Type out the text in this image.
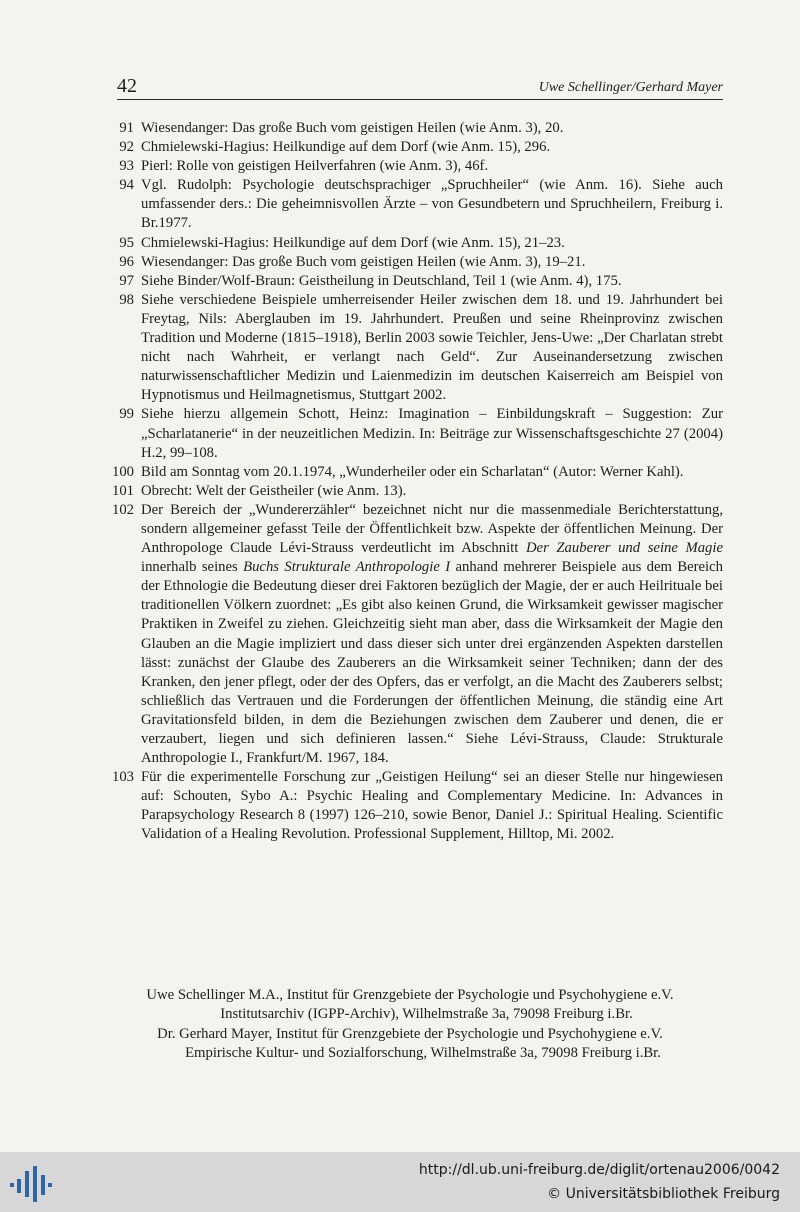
42	Uwe Schellinger/Gerhard Mayer
91 Wiesendanger: Das große Buch vom geistigen Heilen (wie Anm. 3), 20.
92 Chmielewski-Hagius: Heilkundige auf dem Dorf (wie Anm. 15), 296.
93 Pierl: Rolle von geistigen Heilverfahren (wie Anm. 3), 46f.
94 Vgl. Rudolph: Psychologie deutschsprachiger „Spruchheiler“ (wie Anm. 16). Siehe auch umfassender ders.: Die geheimnisvollen Ärzte – von Gesundbetern und Spruchheilern, Freiburg i. Br.1977.
95 Chmielewski-Hagius: Heilkundige auf dem Dorf (wie Anm. 15), 21–23.
96 Wiesendanger: Das große Buch vom geistigen Heilen (wie Anm. 3), 19–21.
97 Siehe Binder/Wolf-Braun: Geistheilung in Deutschland, Teil 1 (wie Anm. 4), 175.
98 Siehe verschiedene Beispiele umherreisender Heiler zwischen dem 18. und 19. Jahrhundert bei Freytag, Nils: Aberglauben im 19. Jahrhundert. Preußen und seine Rheinprovinz zwischen Tradition und Moderne (1815–1918), Berlin 2003 sowie Teichler, Jens-Uwe: „Der Charlatan strebt nicht nach Wahrheit, er verlangt nach Geld“. Zur Auseinandersetzung zwischen naturwissenschaftlicher Medizin und Laienmedizin im deutschen Kaiserreich am Beispiel von Hypnotismus und Heilmagnetismus, Stuttgart 2002.
99 Siehe hierzu allgemein Schott, Heinz: Imagination – Einbildungskraft – Suggestion: Zur „Scharlatanerie“ in der neuzeitlichen Medizin. In: Beiträge zur Wissenschaftsgeschichte 27 (2004) H.2, 99–108.
100 Bild am Sonntag vom 20.1.1974, „Wunderheiler oder ein Scharlatan“ (Autor: Werner Kahl).
101 Obrecht: Welt der Geistheiler (wie Anm. 13).
102 Der Bereich der „Wundererzähler“ bezeichnet nicht nur die massenmediale Berichterstattung, sondern allgemeiner gefasst Teile der Öffentlichkeit bzw. Aspekte der öffentlichen Meinung. Der Anthropologe Claude Lévi-Strauss verdeutlicht im Abschnitt Der Zauberer und seine Magie innerhalb seines Buchs Strukturale Anthropologie I anhand mehrerer Beispiele aus dem Bereich der Ethnologie die Bedeutung dieser drei Faktoren bezüglich der Magie, der er auch Heilrituale bei traditionellen Völkern zuordnet: „Es gibt also keinen Grund, die Wirksamkeit gewisser magischer Praktiken in Zweifel zu ziehen. Gleichzeitig sieht man aber, dass die Wirksamkeit der Magie den Glauben an die Magie impliziert und dass dieser sich unter drei ergänzenden Aspekten darstellen lässt: zunächst der Glaube des Zauberers an die Wirksamkeit seiner Techniken; dann der des Kranken, den jener pflegt, oder der des Opfers, das er verfolgt, an die Macht des Zauberers selbst; schließlich das Vertrauen und die Forderungen der öffentlichen Meinung, die ständig eine Art Gravitationsfeld bilden, in dem die Beziehungen zwischen dem Zauberer und denen, die er verzaubert, liegen und sich definieren lassen.“ Siehe Lévi-Strauss, Claude: Strukturale Anthropologie I., Frankfurt/M. 1967, 184.
103 Für die experimentelle Forschung zur „Geistigen Heilung“ sei an dieser Stelle nur hingewiesen auf: Schouten, Sybo A.: Psychic Healing and Complementary Medicine. In: Advances in Parapsychology Research 8 (1997) 126–210, sowie Benor, Daniel J.: Spiritual Healing. Scientific Validation of a Healing Revolution. Professional Supplement, Hilltop, Mi. 2002.
Uwe Schellinger M.A., Institut für Grenzgebiete der Psychologie und Psychohygiene e.V.
Institutsarchiv (IGPP-Archiv), Wilhelmstraße 3a, 79098 Freiburg i.Br.
Dr. Gerhard Mayer, Institut für Grenzgebiete der Psychologie und Psychohygiene e.V.
Empirische Kultur- und Sozialforschung, Wilhelmstraße 3a, 79098 Freiburg i.Br.
http://dl.ub.uni-freiburg.de/diglit/ortenau2006/0042
© Universitätsbibliothek Freiburg
